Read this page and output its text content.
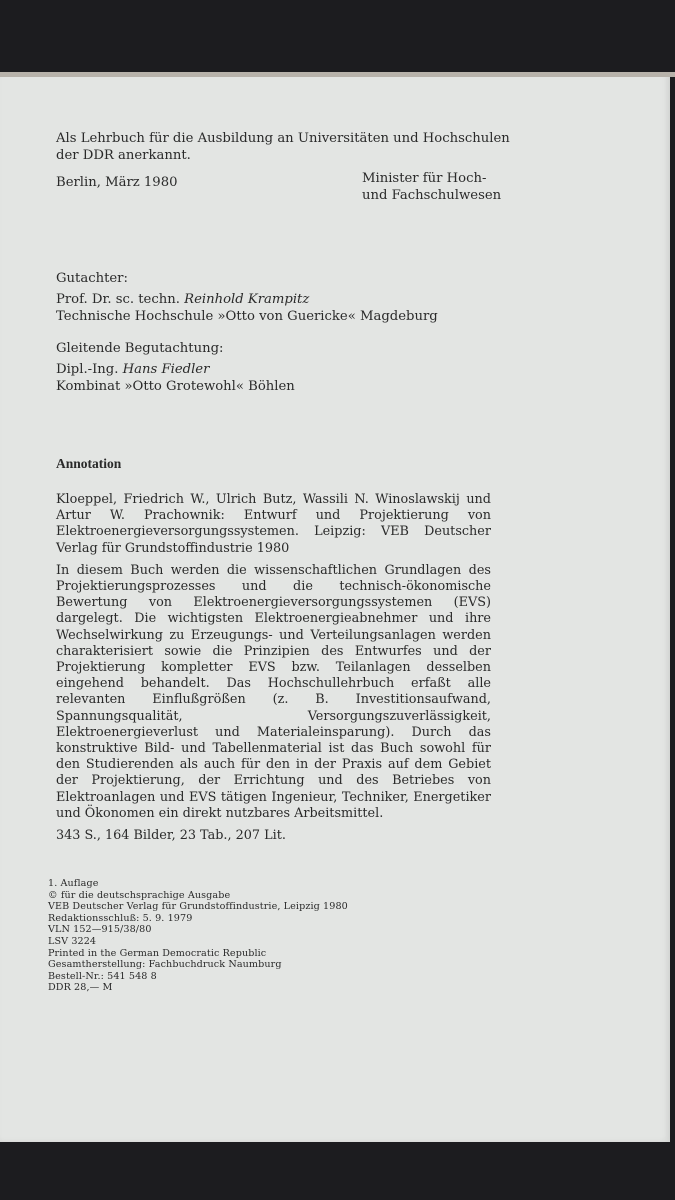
Als Lehrbuch für die Ausbildung an Universitäten und Hochschulen
der DDR anerkannt.
Berlin, März 1980	Minister für Hoch-
und Fachschulwesen
Gutachter:
Prof. Dr. sc. techn. Reinhold Krampitz
Technische Hochschule »Otto von Guericke« Magdeburg
Gleitende Begutachtung:
Dipl.-Ing. Hans Fiedler
Kombinat »Otto Grotewohl« Böhlen
Annotation

Kloeppel, Friedrich W., Ulrich Butz, Wassili N. Winoslawskij und Artur W. Prachownik: Entwurf und Projektierung von Elektroenergieversorgungssystemen. Leipzig: VEB Deutscher Verlag für Grundstoffindustrie 1980

In diesem Buch werden die wissenschaftlichen Grundlagen des Projektierungsprozesses und die technisch-ökonomische Bewertung von Elektroenergieversorgungssystemen (EVS) dargelegt. Die wichtigsten Elektroenergieabnehmer und ihre Wechselwirkung zu Erzeugungs- und Verteilungsanlagen werden charakterisiert sowie die Prinzipien des Entwurfes und der Projektierung kompletter EVS bzw. Teilanlagen desselben eingehend behandelt. Das Hochschullehrbuch erfaßt alle relevanten Einflußgrößen (z. B. Investitionsaufwand, Spannungsqualität, Versorgungszuverlässigkeit, Elektroenergieverlust und Materialeinsparung). Durch das konstruktive Bild- und Tabellenmaterial ist das Buch sowohl für den Studierenden als auch für den in der Praxis auf dem Gebiet der Projektierung, der Errichtung und des Betriebes von Elektroanlagen und EVS tätigen Ingenieur, Techniker, Energetiker und Ökonomen ein direkt nutzbares Arbeitsmittel.

343 S., 164 Bilder, 23 Tab., 207 Lit.

1. Auflage
© für die deutschsprachige Ausgabe
VEB Deutscher Verlag für Grundstoffindustrie, Leipzig 1980
Redaktionsschluß: 5. 9. 1979
VLN 152—915/38/80
LSV 3224
Printed in the German Democratic Republic
Gesamtherstellung: Fachbuchdruck Naumburg
Bestell-Nr.: 541 548 8
DDR 28,— M
